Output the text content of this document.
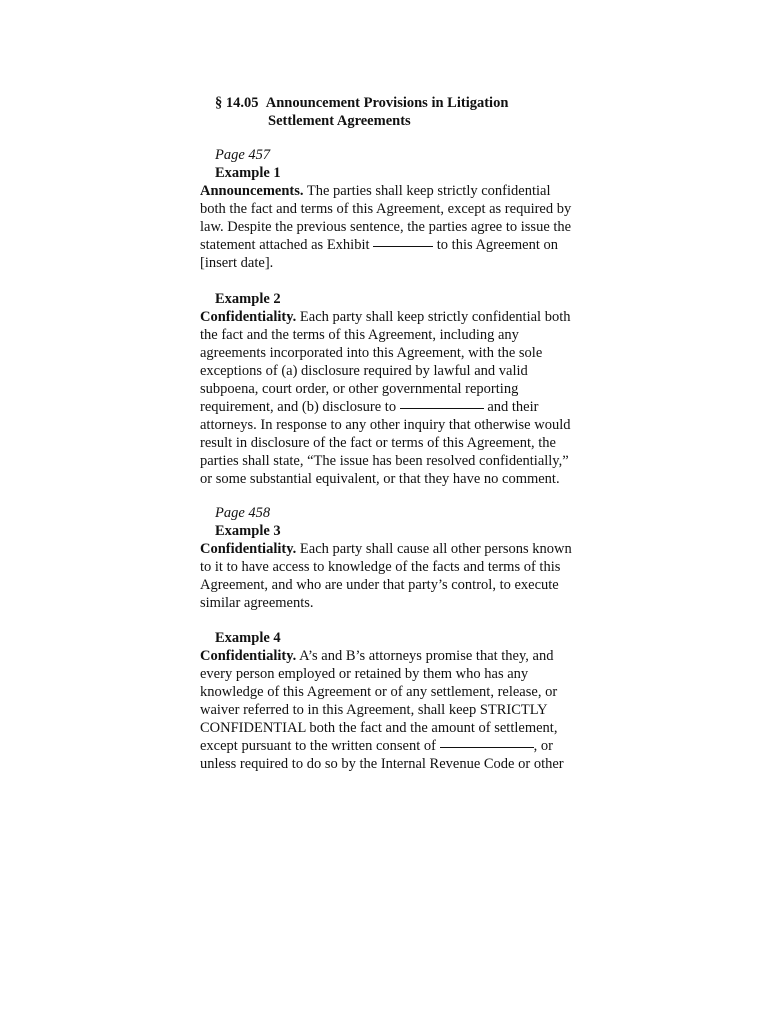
§ 14.05 Announcement Provisions in Litigation
Settlement Agreements
Page 457
Example 1
Announcements. The parties shall keep strictly confidential
both the fact and terms of this Agreement, except as required by
law. Despite the previous sentence, the parties agree to issue the
statement attached as Exhibit	to this Agreement on
[insert date].
Example 2
Confidentiality. Each party shall keep strictly confidential both
the fact and the terms of this Agreement, including any
agreements incorporated into this Agreement, with the sole
exceptions of (a) disclosure required by lawful and valid
subpoena, court order, or other governmental reporting
requirement, and (b) disclosure to	and their
attorneys. In response to any other inquiry that otherwise would
result in disclosure of the fact or terms of this Agreement, the
parties shall state, “The issue has been resolved confidentially,”
or some substantial equivalent, or that they have no comment.
Page 458
Example 3
Confidentiality. Each party shall cause all other persons known
to it to have access to knowledge of the facts and terms of this
Agreement, and who are under that party’s control, to execute
similar agreements.
Example 4
Confidentiality. A’s and B’s attorneys promise that they, and
every person employed or retained by them who has any
knowledge of this Agreement or of any settlement, release, or
waiver referred to in this Agreement, shall keep STRICTLY
CONFIDENTIAL both the fact and the amount of settlement,
except pursuant to the written consent of	, or
unless required to do so by the Internal Revenue Code or other
